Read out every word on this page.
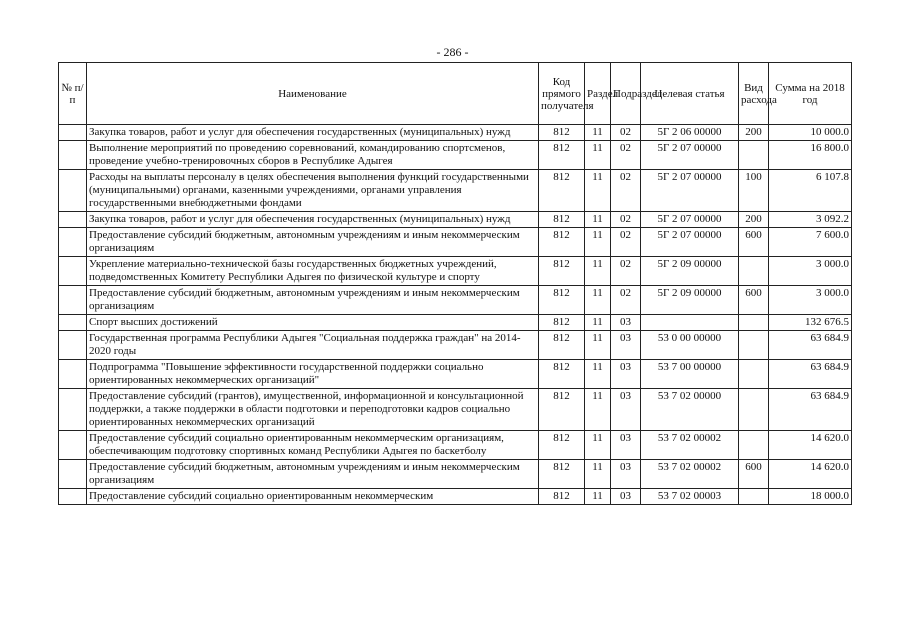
- 286 -
№ п/п	Наименование	Код прямого получателя	Раздел	Подраздел	Целевая статья	Вид расхода	Сумма на 2018 год
	Закупка товаров, работ и услуг для обеспечения государственных (муниципальных) нужд	812	11	02	5Г 2 06 00000	200	10 000.0
	Выполнение мероприятий по проведению соревнований, командированию спортсменов, проведение учебно-тренировочных сборов в Республике Адыгея	812	11	02	5Г 2 07 00000		16 800.0
	Расходы на выплаты персоналу в целях обеспечения выполнения функций государственными (муниципальными) органами, казенными учреждениями, органами управления государственными внебюджетными фондами	812	11	02	5Г 2 07 00000	100	6 107.8
	Закупка товаров, работ и услуг для обеспечения государственных (муниципальных) нужд	812	11	02	5Г 2 07 00000	200	3 092.2
	Предоставление субсидий бюджетным, автономным учреждениям и иным некоммерческим организациям	812	11	02	5Г 2 07 00000	600	7 600.0
	Укрепление материально-технической базы государственных бюджетных учреждений, подведомственных Комитету Республики Адыгея по физической культуре и спорту	812	11	02	5Г 2 09 00000		3 000.0
	Предоставление субсидий бюджетным, автономным учреждениям и иным некоммерческим организациям	812	11	02	5Г 2 09 00000	600	3 000.0
	Спорт высших достижений	812	11	03			132 676.5
	Государственная программа Республики Адыгея "Социальная поддержка граждан" на 2014-2020 годы	812	11	03	53 0 00 00000		63 684.9
	Подпрограмма "Повышение эффективности государственной поддержки социально ориентированных некоммерческих организаций"	812	11	03	53 7 00 00000		63 684.9
	Предоставление субсидий (грантов), имущественной, информационной и консультационной поддержки, а также поддержки в области подготовки и переподготовки кадров социально ориентированных некоммерческих организаций	812	11	03	53 7 02 00000		63 684.9
	Предоставление субсидий социально ориентированным некоммерческим организациям, обеспечивающим подготовку спортивных команд Республики Адыгея по баскетболу	812	11	03	53 7 02 00002		14 620.0
	Предоставление субсидий бюджетным, автономным учреждениям и иным некоммерческим организациям	812	11	03	53 7 02 00002	600	14 620.0
	Предоставление субсидий социально ориентированным некоммерческим	812	11	03	53 7 02 00003		18 000.0
